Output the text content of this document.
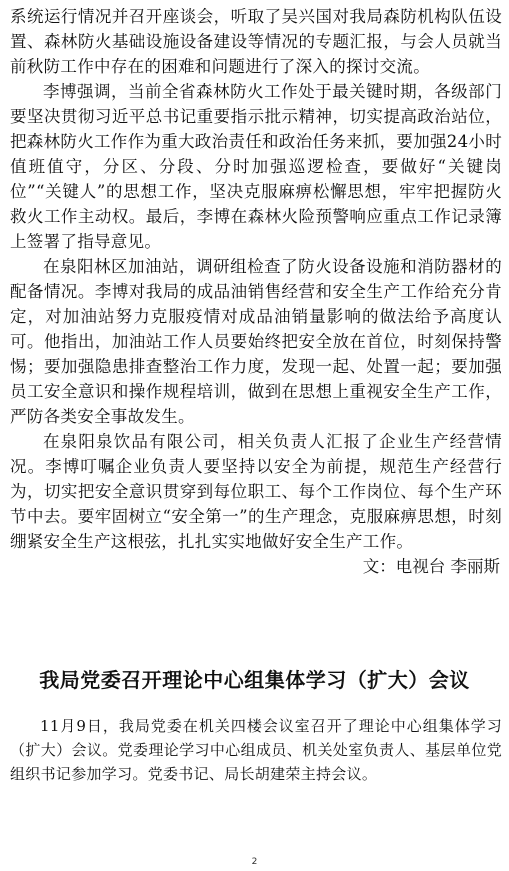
系统运行情况并召开座谈会，听取了吴兴国对我局森防机构队伍设置、森林防火基础设施设备建设等情况的专题汇报，与会人员就当前秋防工作中存在的困难和问题进行了深入的探讨交流。

李博强调，当前全省森林防火工作处于最关键时期，各级部门要坚决贯彻习近平总书记重要指示批示精神，切实提高政治站位，把森林防火工作作为重大政治责任和政治任务来抓，要加强24小时值班值守，分区、分段、分时加强巡逻检查，要做好“关键岗位”“关键人”的思想工作，坚决克服麻痹松懈思想，牢牢把握防火救火工作主动权。最后，李博在森林火险预警响应重点工作记录簿上签署了指导意见。

在泉阳林区加油站，调研组检查了防火设备设施和消防器材的配备情况。李博对我局的成品油销售经营和安全生产工作给充分肯定，对加油站努力克服疫情对成品油销量影响的做法给予高度认可。他指出，加油站工作人员要始终把安全放在首位，时刻保持警惕；要加强隐患排查整治工作力度，发现一起、处置一起；要加强员工安全意识和操作规程培训，做到在思想上重视安全生产工作，严防各类安全事故发生。

在泉阳泉饮品有限公司，相关负责人汇报了企业生产经营情况。李博叮嘱企业负责人要坚持以安全为前提，规范生产经营行为，切实把安全意识贯穿到每位职工、每个工作岗位、每个生产环节中去。要牢固树立“安全第一”的生产理念，克服麻痹思想，时刻绷紧安全生产这根弦，扎扎实实地做好安全生产工作。

文：电视台 李丽斯

我局党委召开理论中心组集体学习（扩大）会议

11月9日，我局党委在机关四楼会议室召开了理论中心组集体学习（扩大）会议。党委理论学习中心组成员、机关处室负责人、基层单位党组织书记参加学习。党委书记、局长胡建荣主持会议。

2
